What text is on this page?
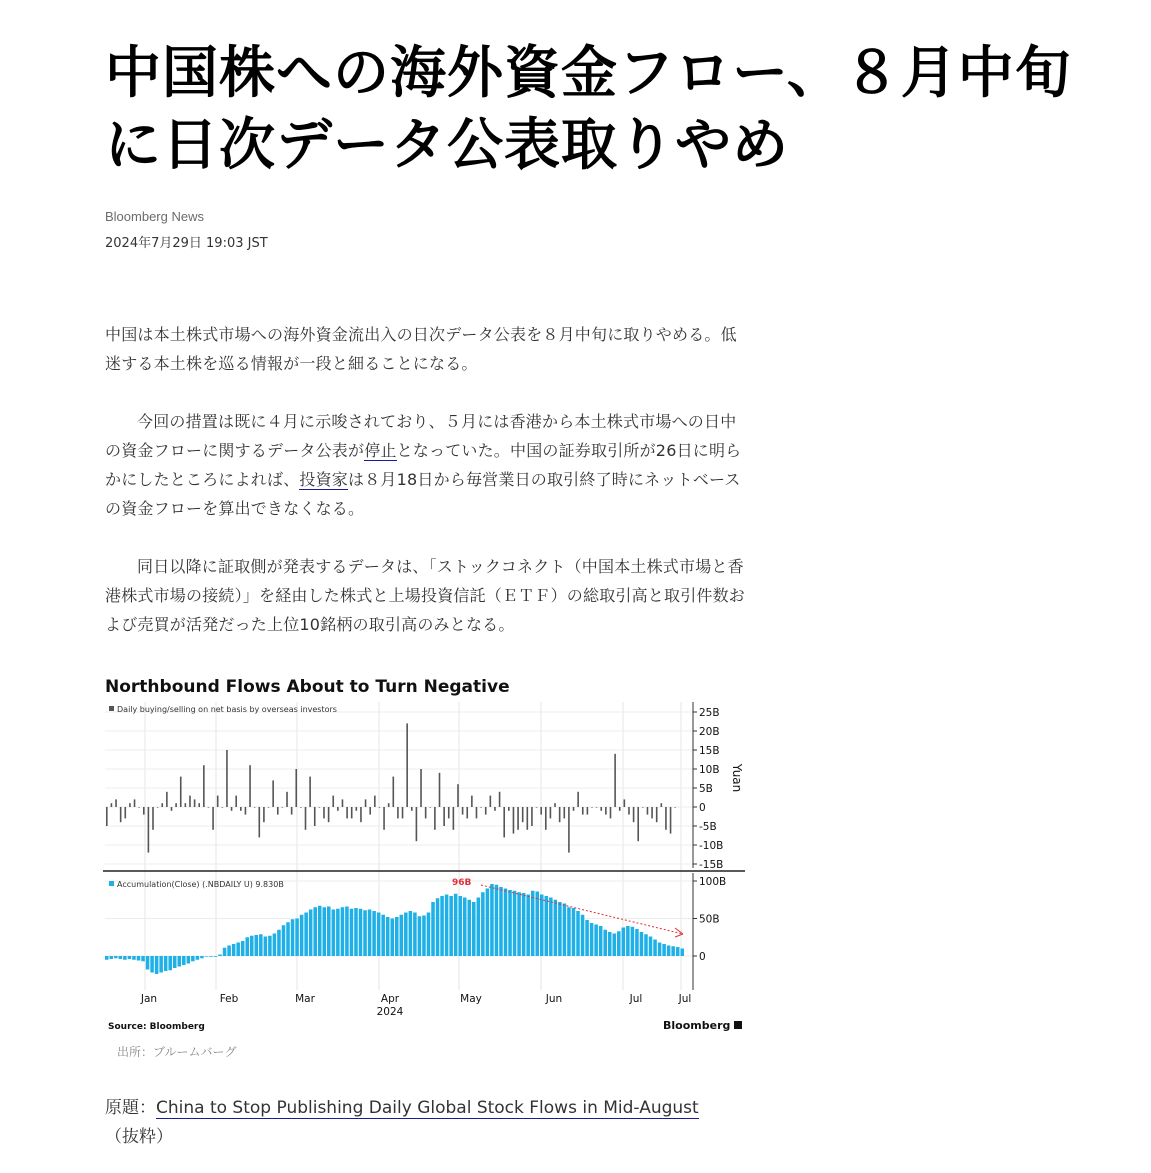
中国株への海外資金フロー、８月中旬に日次データ公表取りやめ
Bloomberg News
2024年7月29日 19:03 JST

中国は本土株式市場への海外資金流出入の日次データ公表を８月中旬に取りやめる。低迷する本土株を巡る情報が一段と細ることになる。

今回の措置は既に４月に示唆されており、５月には香港から本土株式市場への日中の資金フローに関するデータ公表が停止となっていた。中国の証券取引所が26日に明らかにしたところによれば、投資家は８月18日から毎営業日の取引終了時にネットベースの資金フローを算出できなくなる。

同日以降に証取側が発表するデータは、「ストックコネクト（中国本土株式市場と香港株式市場の接続）」を経由した株式と上場投資信託（ＥＴＦ）の総取引高と取引件数および売買が活発だった上位10銘柄の取引高のみとなる。

Northbound Flows About to Turn Negative
Daily buying/selling on net basis by overseas investors	25B
20B
15B
10B
5B
0
-5B
-10B
-15B
Yuan
Accumulation(Close) (.NBDAILY U) 9.830B	100B
50B
0
96B
Jan	Feb	Mar	Apr	May	Jun	Jul	Jul
2024
Source: Bloomberg	Bloomberg
出所：ブルームバーグ
原題：China to Stop Publishing Daily Global Stock Flows in Mid-August
（抜粋）
